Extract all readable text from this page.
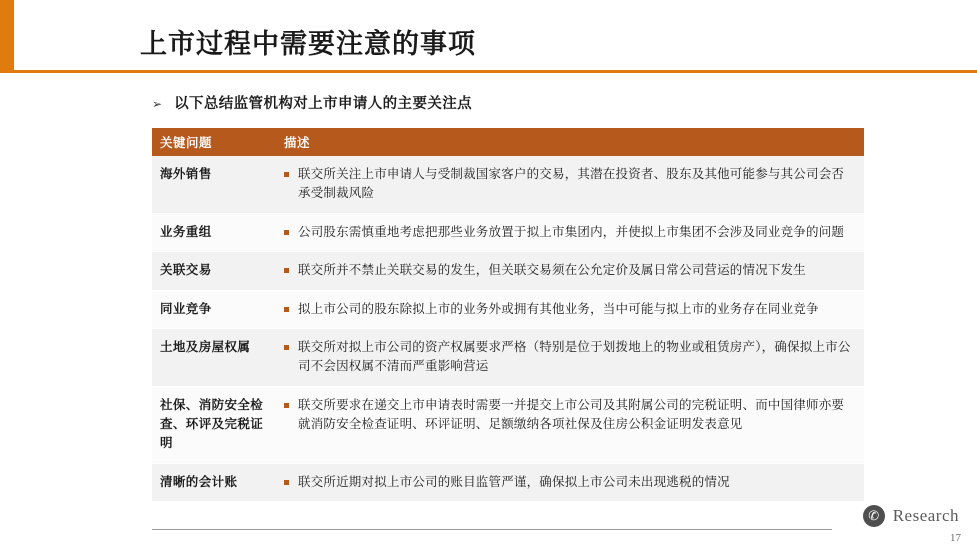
上市过程中需要注意的事项
➢ 以下总结监管机构对上市申请人的主要关注点
关键问题	描述
海外销售	联交所关注上市申请人与受制裁国家客户的交易，其潜在投资者、股东及其他可能参与其公司会否承受制裁风险

业务重组	公司股东需慎重地考虑把那些业务放置于拟上市集团内，并使拟上市集团不会涉及同业竞争的问题

关联交易	联交所并不禁止关联交易的发生，但关联交易须在公允定价及属日常公司营运的情况下发生

同业竞争	拟上市公司的股东除拟上市的业务外或拥有其他业务，当中可能与拟上市的业务存在同业竞争

土地及房屋权属	联交所对拟上市公司的资产权属要求严格（特别是位于划拨地上的物业或租赁房产），确保拟上市公司不会因权属不清而严重影响营运

社保、消防安全检查、环评及完税证明	联交所要求在递交上市申请表时需要一并提交上市公司及其附属公司的完税证明、而中国律师亦要就消防安全检查证明、环评证明、足额缴纳各项社保及住房公积金证明发表意见

清晰的会计账	联交所近期对拟上市公司的账目监管严谨，确保拟上市公司未出现逃税的情况
✆ Research
17
